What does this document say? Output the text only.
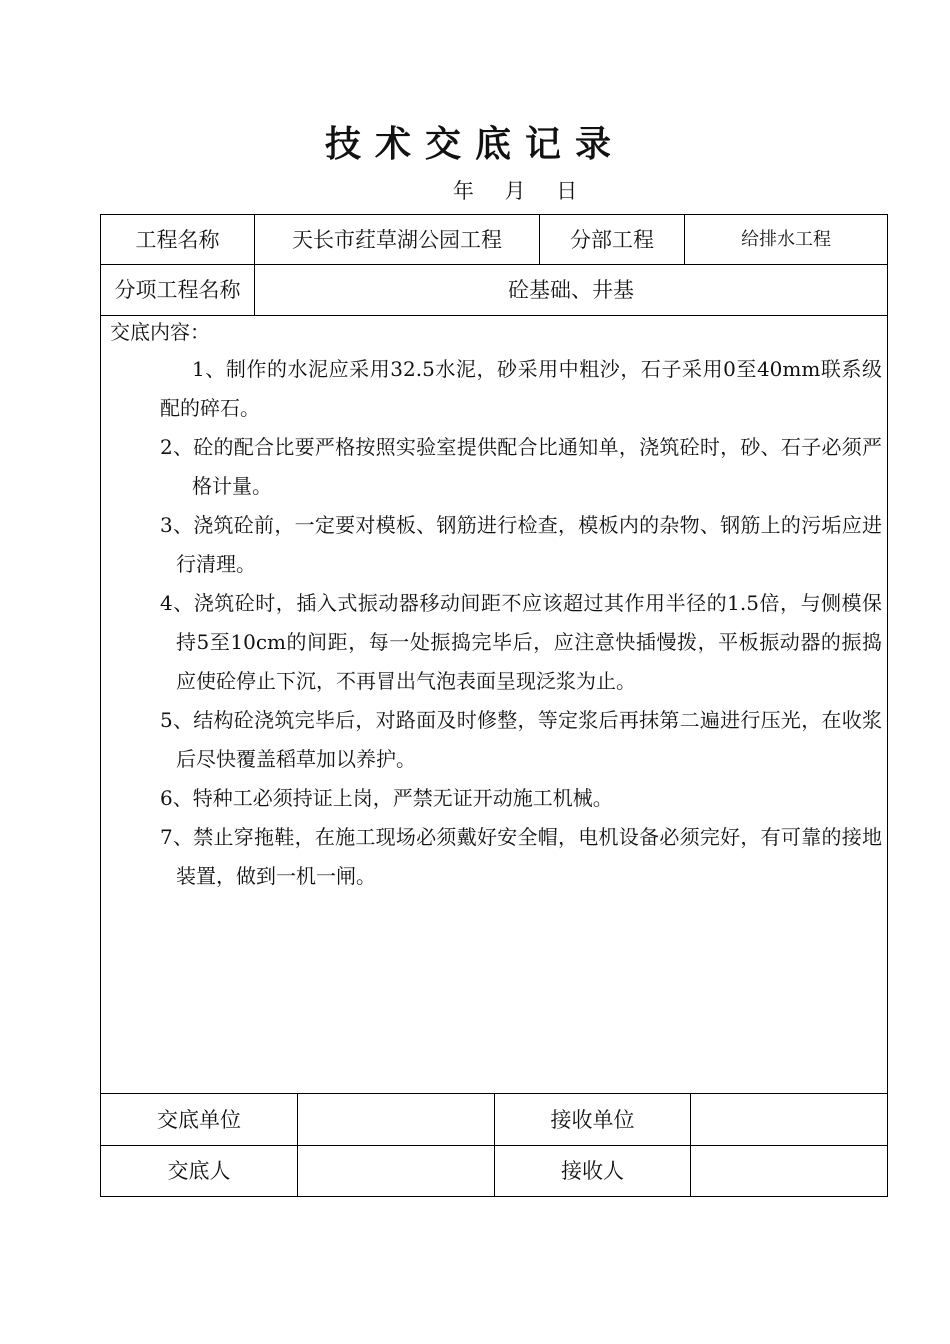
技术交底记录
年 月 日
工程名称	天长市荭草湖公园工程	分部工程	给排水工程
分项工程名称	砼基础、井基
交底内容：

1、制作的水泥应采用32.5水泥，砂采用中粗沙，石子采用0至40mm联系级配的碎石。

2、砼的配合比要严格按照实验室提供配合比通知单，浇筑砼时，砂、石子必须严格计量。

3、浇筑砼前，一定要对模板、钢筋进行检查，模板内的杂物、钢筋上的污垢应进行清理。

4、浇筑砼时，插入式振动器移动间距不应该超过其作用半径的1.5倍，与侧模保持5至10cm的间距，每一处振捣完毕后，应注意快插慢拨，平板振动器的振捣应使砼停止下沉，不再冒出气泡表面呈现泛浆为止。

5、结构砼浇筑完毕后，对路面及时修整，等定浆后再抹第二遍进行压光，在收浆后尽快覆盖稻草加以养护。

6、特种工必须持证上岗，严禁无证开动施工机械。

7、禁止穿拖鞋，在施工现场必须戴好安全帽，电机设备必须完好，有可靠的接地装置，做到一机一闸。

交底单位	接收单位
交底人	接收人
